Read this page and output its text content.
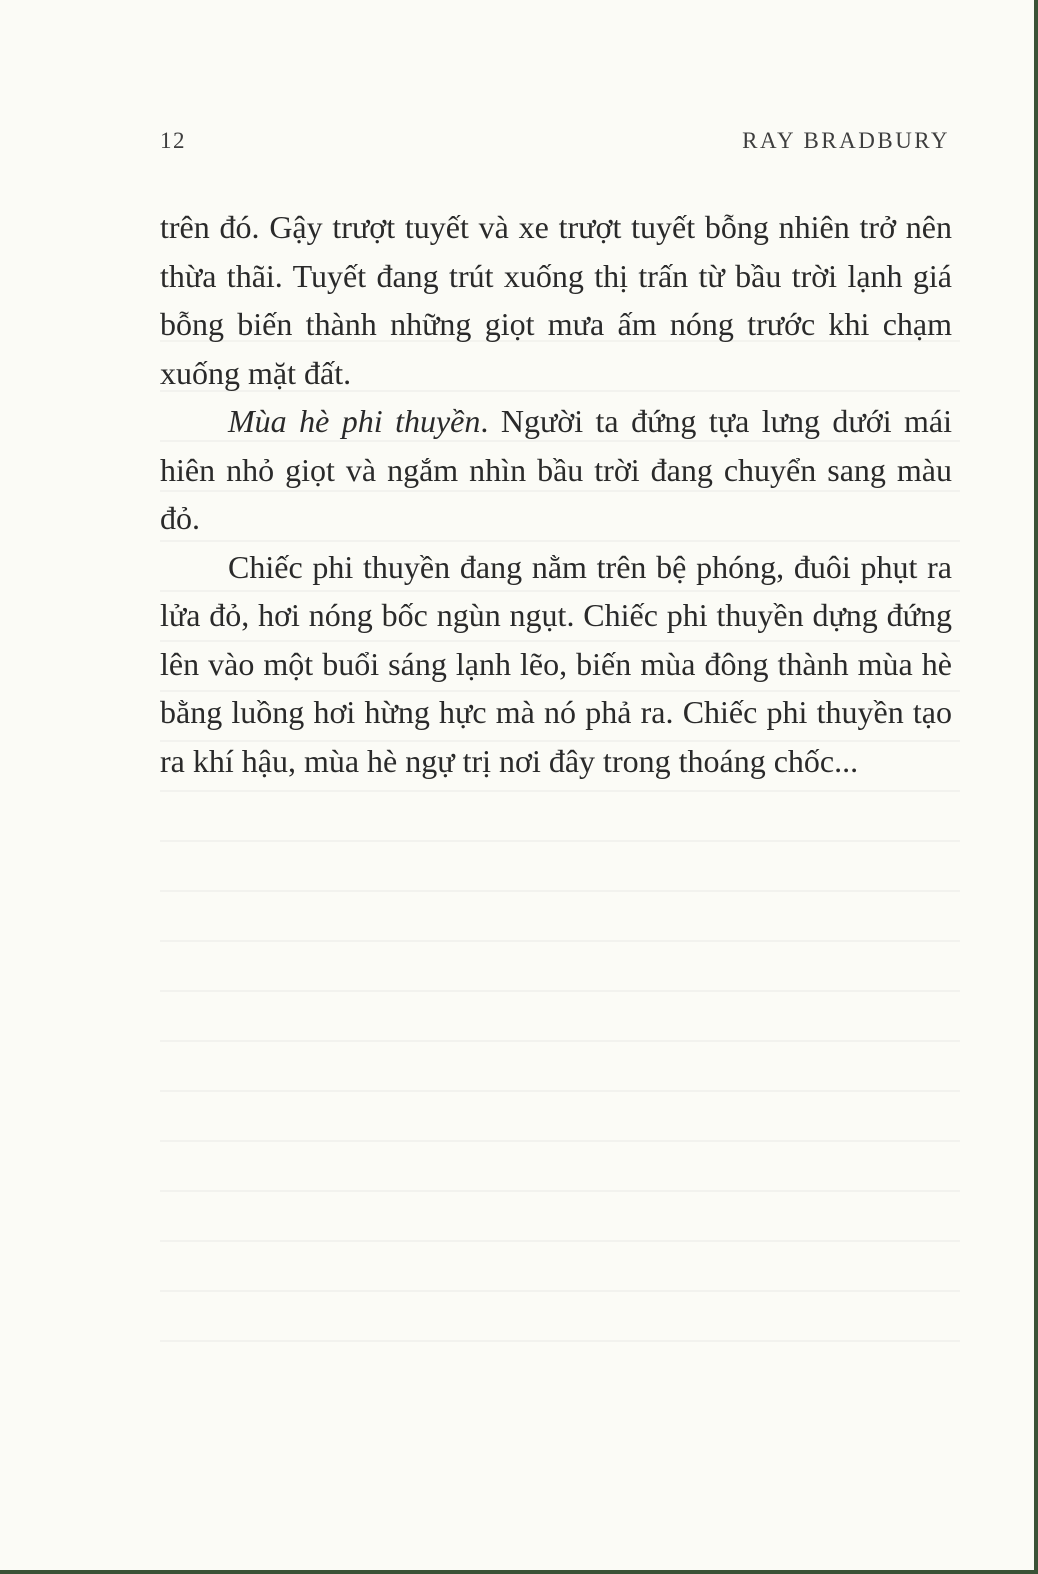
12	RAY BRADBURY

trên đó. Gậy trượt tuyết và xe trượt tuyết bỗng nhiên trở nên thừa thãi. Tuyết đang trút xuống thị trấn từ bầu trời lạnh giá bỗng biến thành những giọt mưa ấm nóng trước khi chạm xuống mặt đất.

Mùa hè phi thuyền. Người ta đứng tựa lưng dưới mái hiên nhỏ giọt và ngắm nhìn bầu trời đang chuyển sang màu đỏ.

Chiếc phi thuyền đang nằm trên bệ phóng, đuôi phụt ra lửa đỏ, hơi nóng bốc ngùn ngụt. Chiếc phi thuyền dựng đứng lên vào một buổi sáng lạnh lẽo, biến mùa đông thành mùa hè bằng luồng hơi hừng hực mà nó phả ra. Chiếc phi thuyền tạo ra khí hậu, mùa hè ngự trị nơi đây trong thoáng chốc...
